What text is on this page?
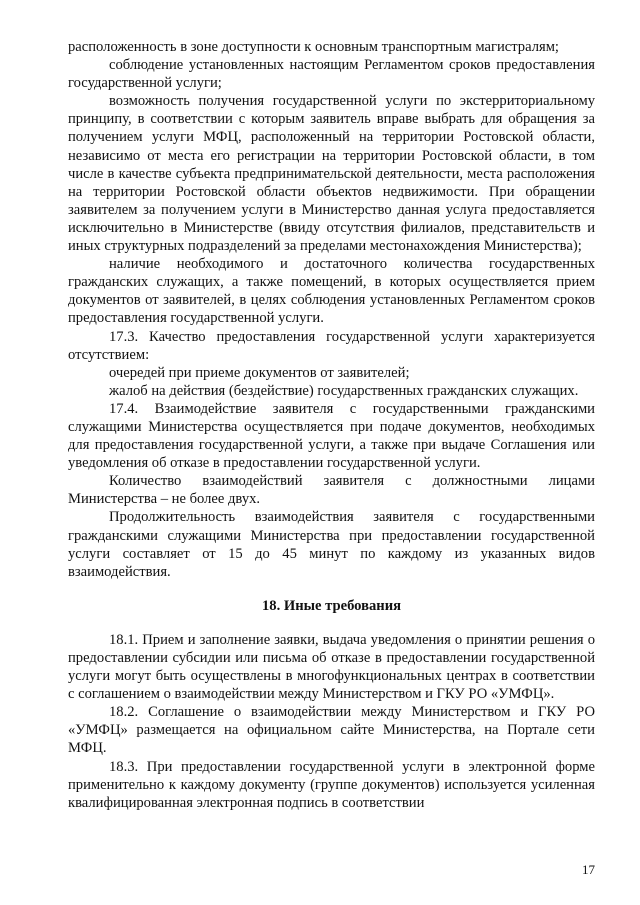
расположенность в зоне доступности к основным транспортным магистралям;

соблюдение установленных настоящим Регламентом сроков предоставления государственной услуги;

возможность получения государственной услуги по экстерриториальному принципу, в соответствии с которым заявитель вправе выбрать для обращения за получением услуги МФЦ, расположенный на территории Ростовской области, независимо от места его регистрации на территории Ростовской области, в том числе в качестве субъекта предпринимательской деятельности, места расположения на территории Ростовской области объектов недвижимости. При обращении заявителем за получением услуги в Министерство данная услуга предоставляется исключительно в Министерстве (ввиду отсутствия филиалов, представительств и иных структурных подразделений за пределами местонахождения Министерства);

наличие необходимого и достаточного количества государственных гражданских служащих, а также помещений, в которых осуществляется прием документов от заявителей, в целях соблюдения установленных Регламентом сроков предоставления государственной услуги.

17.3. Качество предоставления государственной услуги характеризуется отсутствием:

очередей при приеме документов от заявителей;

жалоб на действия (бездействие) государственных гражданских служащих.

17.4. Взаимодействие заявителя с государственными гражданскими служащими Министерства осуществляется при подаче документов, необходимых для предоставления государственной услуги, а также при выдаче Соглашения или уведомления об отказе в предоставлении государственной услуги.

Количество взаимодействий заявителя с должностными лицами Министерства – не более двух.

Продолжительность взаимодействия заявителя с государственными гражданскими служащими Министерства при предоставлении государственной услуги составляет от 15 до 45 минут по каждому из указанных видов взаимодействия.

18. Иные требования

18.1. Прием и заполнение заявки, выдача уведомления о принятии решения о предоставлении субсидии или письма об отказе в предоставлении государственной услуги могут быть осуществлены в многофункциональных центрах в соответствии с соглашением о взаимодействии между Министерством и ГКУ РО «УМФЦ».

18.2. Соглашение о взаимодействии между Министерством и ГКУ РО «УМФЦ» размещается на официальном сайте Министерства, на Портале сети МФЦ.

18.3. При предоставлении государственной услуги в электронной форме применительно к каждому документу (группе документов) используется усиленная квалифицированная электронная подпись в соответствии

17
